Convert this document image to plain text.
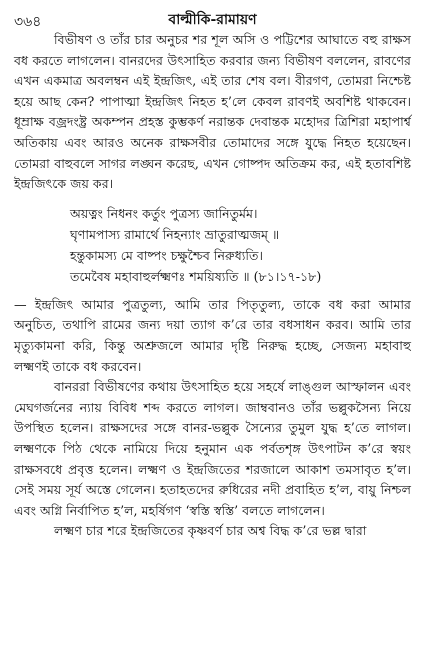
৩৬৪	বাল্মীকি-রামায়ণ

বিভীষণ ও তাঁর চার অনুচর শর শূল অসি ও পট্টিশের আঘাতে বহু রাক্ষস বধ করতে লাগলেন। বানরদের উৎসাহিত করবার জন্য বিভীষণ বললেন, রাবণের এখন একমাত্র অবলম্বন এই ইন্দ্রজিৎ, এই তার শেষ বল। বীরগণ, তোমরা নিশ্চেষ্ট হয়ে আছ কেন? পাপাত্মা ইন্দ্রজিৎ নিহত হ’লে কেবল রাবণই অবশিষ্ট থাকবেন। ধূম্রাক্ষ বজ্রদংষ্ট্র অকম্পন প্রহস্ত কুম্ভকর্ণ নরান্তক দেবান্তক মহোদর ত্রিশিরা মহাপার্শ্ব অতিকায় এবং আরও অনেক রাক্ষসবীর তোমাদের সঙ্গে যুদ্ধে নিহত হয়েছেন। তোমরা বাহুবলে সাগর লঙ্ঘন করেছ, এখন গোষ্পদ অতিক্রম কর, এই হতাবশিষ্ট ইন্দ্রজিৎকে জয় কর।

অয়ত্নং নিধনং কর্তুং পুত্রস্য জানিতুর্মম।
ঘৃণামপাস্য রামার্থে নিহন্যাং ভ্রাতুরাত্মজম্ ॥
হন্তুকামস্য মে বাষ্পং চক্ষুশ্চৈব নিরুধ্যতি।
তমেবৈষ মহাবাহুর্লক্ষ্মণঃ শময়িষ্যতি ॥ (৮১।১৭-১৮)

— ইন্দ্রজিৎ আমার পুত্রতুল্য, আমি তার পিতৃতুল্য, তাকে বধ করা আমার অনুচিত, তথাপি রামের জন্য দয়া ত্যাগ ক’রে তার বধসাধন করব। আমি তার মৃত্যুকামনা করি, কিন্তু অশ্রুজলে আমার দৃষ্টি নিরুদ্ধ হচ্ছে, সেজন্য মহাবাহু লক্ষ্মণই তাকে বধ করবেন।

বানররা বিভীষণের কথায় উৎসাহিত হয়ে সহর্ষে লাঙ্গুল আস্ফালন এবং মেঘগর্জনের ন্যায় বিবিধ শব্দ করতে লাগল। জাম্ববানও তাঁর ভল্লুকসৈন্য নিয়ে উপস্থিত হলেন। রাক্ষসদের সঙ্গে বানর-ভল্লুক সৈন্যের তুমুল যুদ্ধ হ’তে লাগল। লক্ষ্মণকে পিঠ থেকে নামিয়ে দিয়ে হনুমান এক পর্বতশৃঙ্গ উৎপাটন ক’রে স্বয়ং রাক্ষসবধে প্রবৃত্ত হলেন। লক্ষ্মণ ও ইন্দ্রজিতের শরজালে আকাশ তমসাবৃত হ’ল। সেই সময় সূর্য অস্তে গেলেন। হতাহতদের রুধিরের নদী প্রবাহিত হ’ল, বায়ু নিশ্চল এবং অগ্নি নির্বাপিত হ’ল, মহর্ষিগণ ‘স্বস্তি স্বস্তি’ বলতে লাগলেন।

লক্ষ্মণ চার শরে ইন্দ্রজিতের কৃষ্ণবর্ণ চার অশ্ব বিদ্ধ ক’রে ভল্ল দ্বারা
